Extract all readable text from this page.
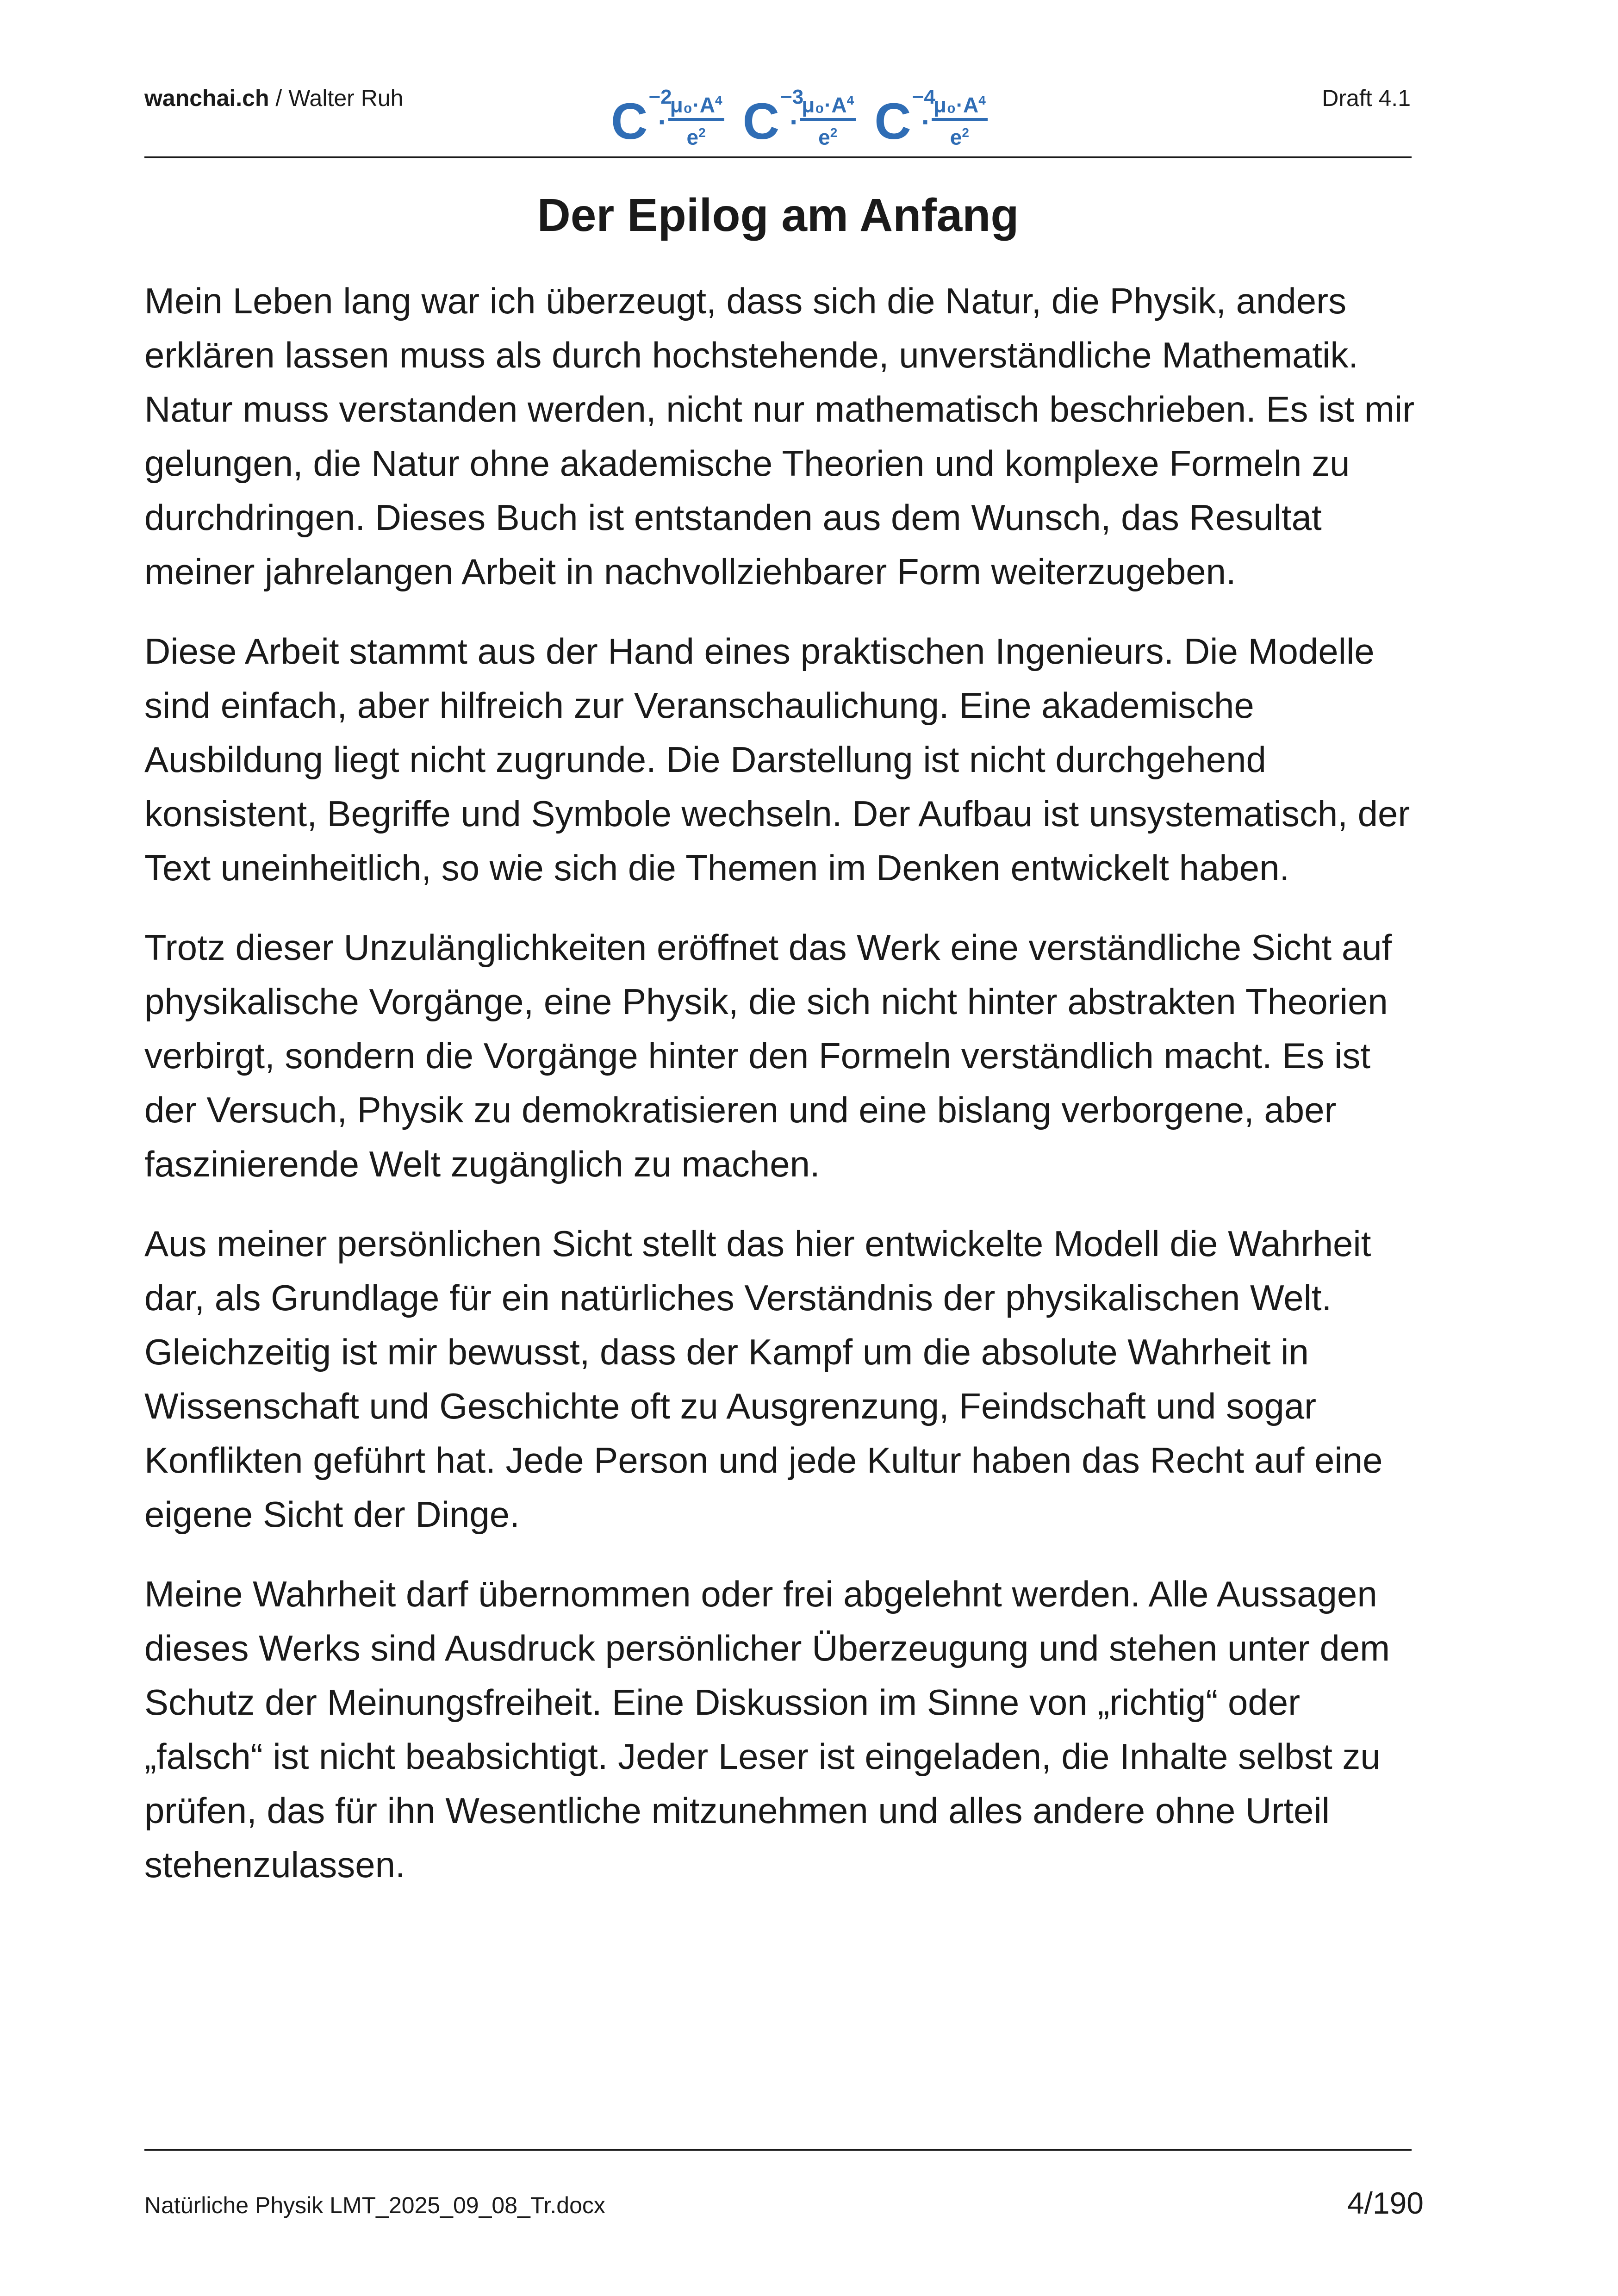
wanchai.ch / Walter Ruh	C −2
· $\frac{\mu_0\cdot A^4}{e^2}$ C −3
· $\frac{\mu_0\cdot A^4}{e^2}$ C −4
· $\frac{\mu_0\cdot A^4}{e^2}$	Draft 4.1
Der Epilog am Anfang

Mein Leben lang war ich überzeugt, dass sich die Natur, die Physik, anders erklären lassen muss als durch hochstehende, unverständliche Mathematik. Natur muss verstanden werden, nicht nur mathematisch beschrieben. Es ist mir gelungen, die Natur ohne akademische Theorien und komplexe Formeln zu durchdringen. Dieses Buch ist entstanden aus dem Wunsch, das Resultat meiner jahrelangen Arbeit in nachvollziehbarer Form weiterzugeben.

Diese Arbeit stammt aus der Hand eines praktischen Ingenieurs. Die Modelle sind einfach, aber hilfreich zur Veranschaulichung. Eine akademische Ausbildung liegt nicht zugrunde. Die Darstellung ist nicht durchgehend konsistent, Begriffe und Symbole wechseln. Der Aufbau ist unsystematisch, der Text uneinheitlich, so wie sich die Themen im Denken entwickelt haben.

Trotz dieser Unzulänglichkeiten eröffnet das Werk eine verständliche Sicht auf physikalische Vorgänge, eine Physik, die sich nicht hinter abstrakten Theorien verbirgt, sondern die Vorgänge hinter den Formeln verständlich macht. Es ist der Versuch, Physik zu demokratisieren und eine bislang verborgene, aber faszinierende Welt zugänglich zu machen.

Aus meiner persönlichen Sicht stellt das hier entwickelte Modell die Wahrheit dar, als Grundlage für ein natürliches Verständnis der physikalischen Welt. Gleichzeitig ist mir bewusst, dass der Kampf um die absolute Wahrheit in Wissenschaft und Geschichte oft zu Ausgrenzung, Feindschaft und sogar Konflikten geführt hat. Jede Person und jede Kultur haben das Recht auf eine eigene Sicht der Dinge.

Meine Wahrheit darf übernommen oder frei abgelehnt werden. Alle Aussagen dieses Werks sind Ausdruck persönlicher Überzeugung und stehen unter dem Schutz der Meinungsfreiheit. Eine Diskussion im Sinne von „richtig“ oder „falsch“ ist nicht beabsichtigt. Jeder Leser ist eingeladen, die Inhalte selbst zu prüfen, das für ihn Wesentliche mitzunehmen und alles andere ohne Urteil stehenzulassen.

Natürliche Physik LMT_2025_09_08_Tr.docx	4/190
